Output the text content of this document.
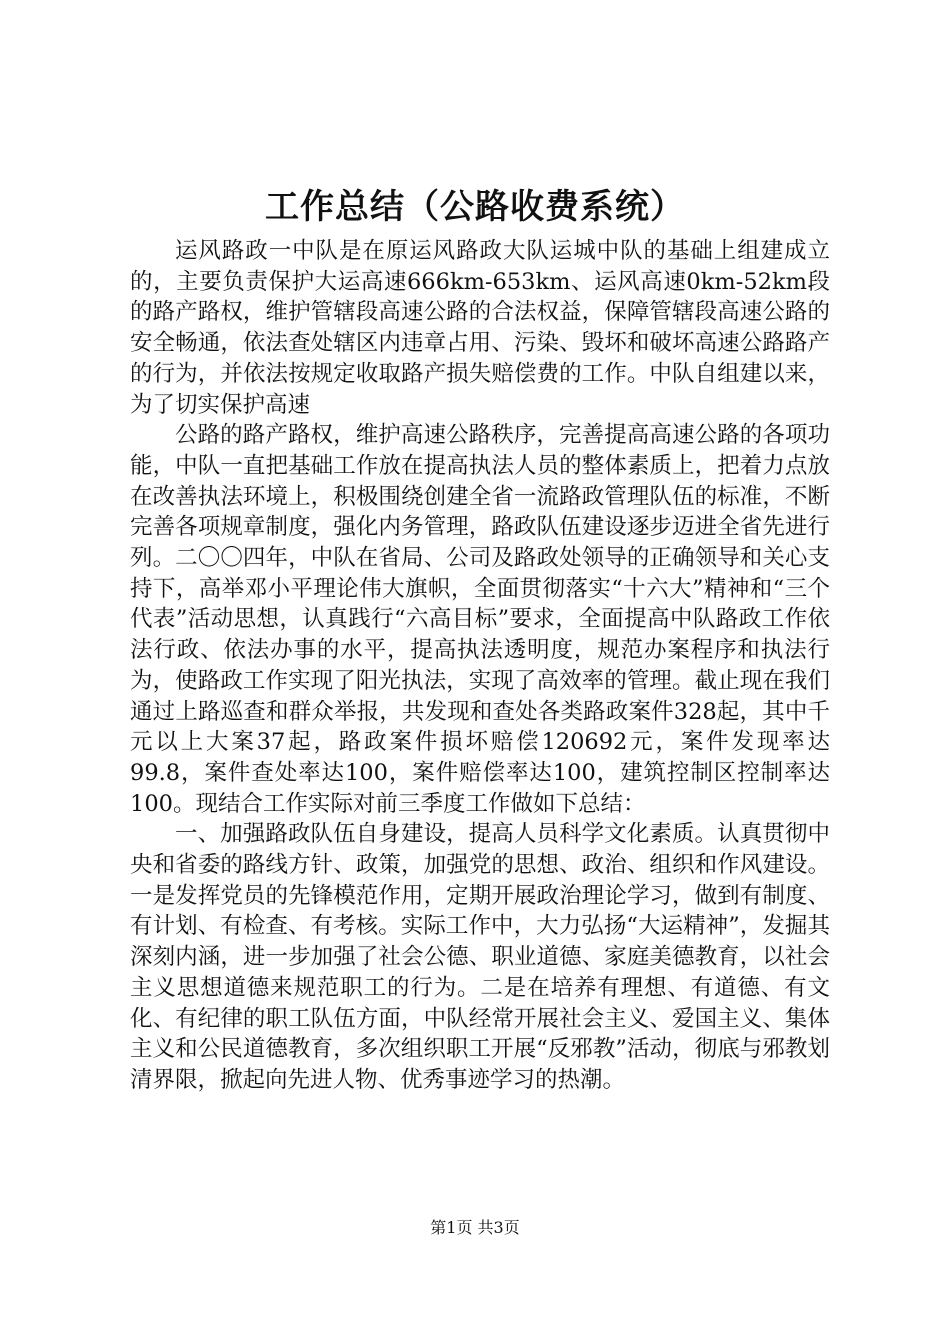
工作总结（公路收费系统）

运风路政一中队是在原运风路政大队运城中队的基础上组建成立的，主要负责保护大运高速666km-653km、运风高速0km-52km段的路产路权，维护管辖段高速公路的合法权益，保障管辖段高速公路的安全畅通，依法查处辖区内违章占用、污染、毁坏和破坏高速公路路产的行为，并依法按规定收取路产损失赔偿费的工作。中队自组建以来，为了切实保护高速

公路的路产路权，维护高速公路秩序，完善提高高速公路的各项功能，中队一直把基础工作放在提高执法人员的整体素质上，把着力点放在改善执法环境上，积极围绕创建全省一流路政管理队伍的标准，不断完善各项规章制度，强化内务管理，路政队伍建设逐步迈进全省先进行列。二〇〇四年，中队在省局、公司及路政处领导的正确领导和关心支持下，高举邓小平理论伟大旗帜，全面贯彻落实“十六大”精神和“三个代表”活动思想，认真践行“六高目标”要求，全面提高中队路政工作依法行政、依法办事的水平，提高执法透明度，规范办案程序和执法行为，使路政工作实现了阳光执法，实现了高效率的管理。截止现在我们通过上路巡查和群众举报，共发现和查处各类路政案件328起，其中千元以上大案37起，路政案件损坏赔偿120692元，案件发现率达99.8，案件查处率达100，案件赔偿率达100，建筑控制区控制率达100。现结合工作实际对前三季度工作做如下总结：

一、加强路政队伍自身建设，提高人员科学文化素质。认真贯彻中央和省委的路线方针、政策，加强党的思想、政治、组织和作风建设。一是发挥党员的先锋模范作用，定期开展政治理论学习，做到有制度、有计划、有检查、有考核。实际工作中，大力弘扬“大运精神”，发掘其深刻内涵，进一步加强了社会公德、职业道德、家庭美德教育，以社会主义思想道德来规范职工的行为。二是在培养有理想、有道德、有文化、有纪律的职工队伍方面，中队经常开展社会主义、爱国主义、集体主义和公民道德教育，多次组织职工开展“反邪教”活动，彻底与邪教划清界限，掀起向先进人物、优秀事迹学习的热潮。

第1页 共3页
